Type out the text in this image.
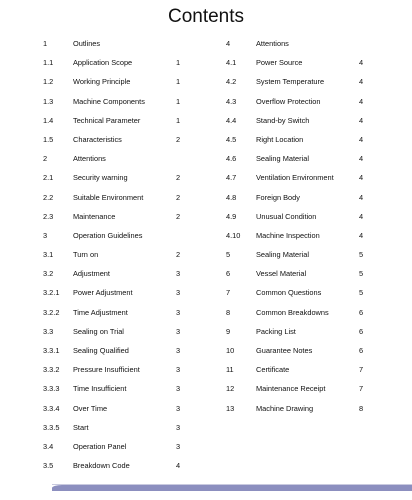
Contents
1	Outlines
1.1	Application Scope	1
1.2	Working Principle	1
1.3	Machine Components	1
1.4	Technical Parameter	1
1.5	Characteristics	2
2	Attentions
2.1	Security warning	2
2.2	Suitable Environment	2
2.3	Maintenance	2
3	Operation Guidelines
3.1	Turn on	2
3.2	Adjustment	3
3.2.1 Power Adjustment	3
3.2.2 Time Adjustment	3
3.3	Sealing on Trial	3
3.3.1 Sealing Qualified	3
3.3.2 Pressure Insufficient	3
3.3.3 Time Insufficient	3
3.3.4 Over Time	3
3.3.5 Start	3
3.4	Operation Panel	3
3.5	Breakdown Code	4
4	Attentions
4.1	Power Source	4
4.2	System Temperature	4
4.3	Overflow Protection	4
4.4	Stand-by Switch	4
4.5	Right Location	4
4.6	Sealing Material	4
4.7	Ventilation Environment	4
4.8	Foreign Body	4
4.9	Unusual Condition	4
4.10 Machine Inspection	4
5	Sealing Material	5
6	Vessel Material	5
7	Common Questions	5
8	Common Breakdowns	6
9	Packing List	6
10	Guarantee Notes	6
11	Certificate	7
12	Maintenance Receipt	7
13	Machine Drawing	8
